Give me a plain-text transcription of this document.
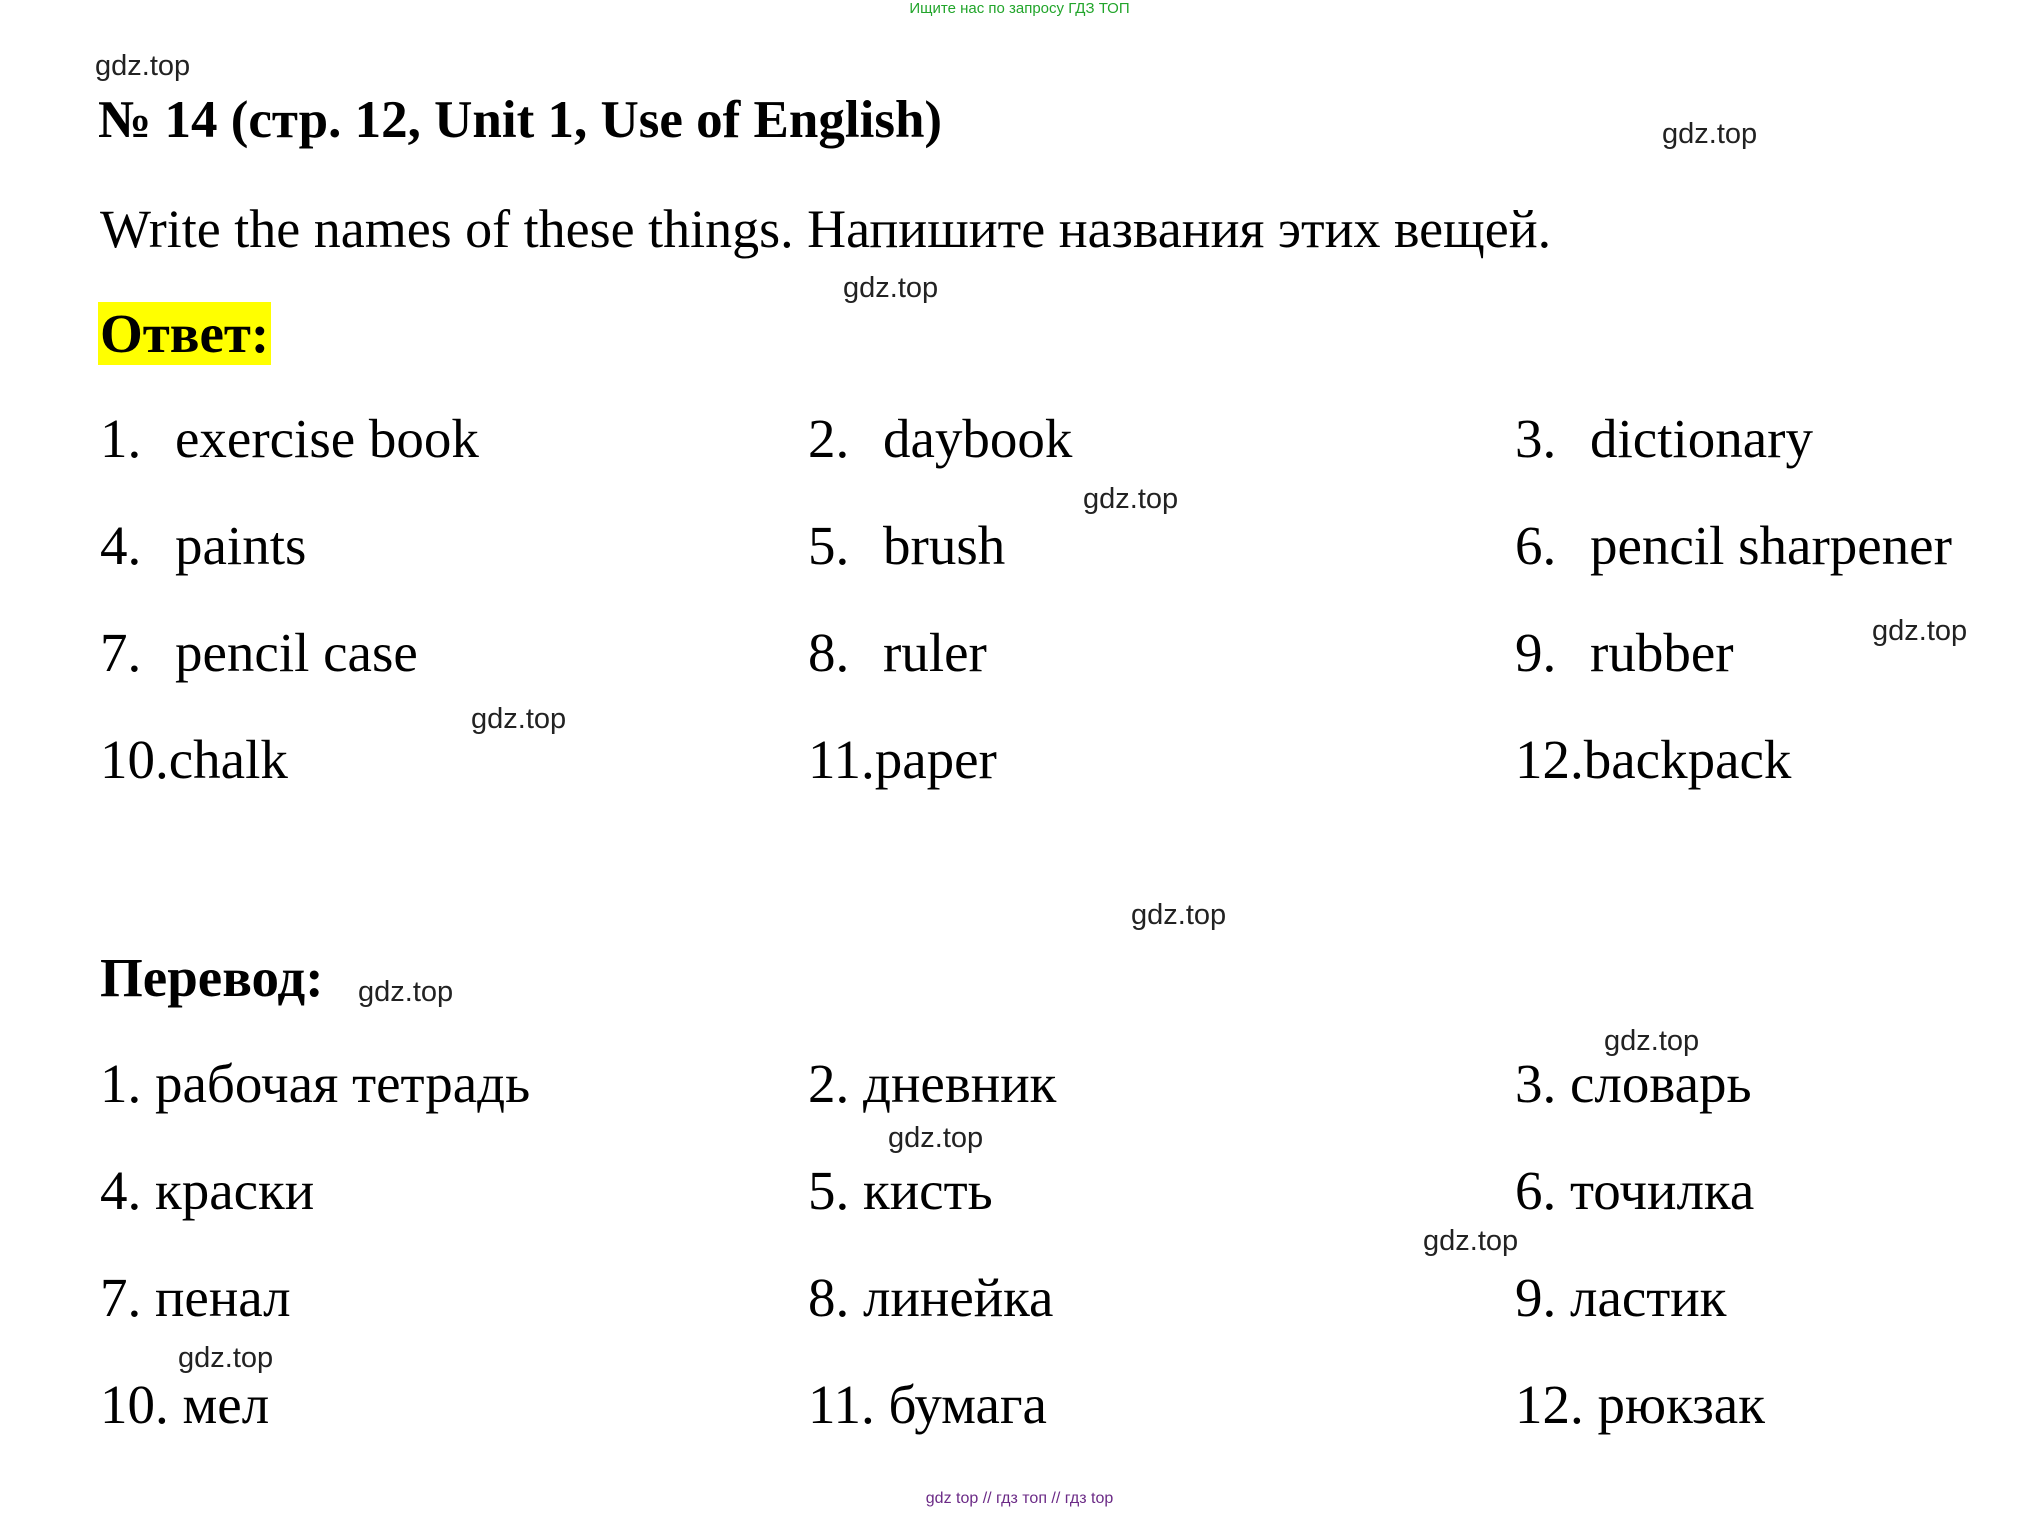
Ищите нас по запросу ГДЗ ТОП
gdz.top
gdz.top
gdz.top
gdz.top
gdz.top
gdz.top
gdz.top
gdz.top
gdz.top
gdz.top
gdz.top
gdz.top
№ 14 (стр. 12, Unit 1, Use of English)
Write the names of these things. Напишите названия этих вещей.
Ответ:
1. exercise book	2. daybook	3. dictionary
4. paints	5. brush	6. pencil sharpener
7. pencil case	8. ruler	9. rubber
10.chalk	11.paper	12.backpack
Перевод:
1. рабочая тетрадь	2. дневник	3. словарь
4. краски	5. кисть	6. точилка
7. пенал	8. линейка	9. ластик
10. мел	11. бумага	12. рюкзак
gdz top // гдз топ // гдз top
